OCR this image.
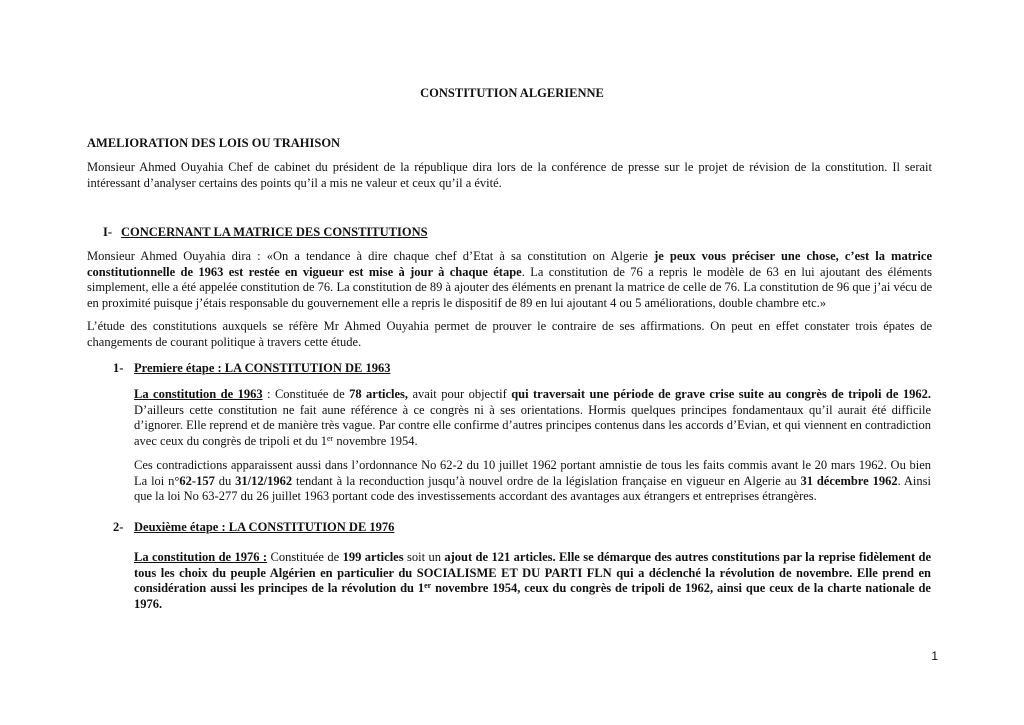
CONSTITUTION ALGERIENNE
AMELIORATION DES LOIS OU TRAHISON

Monsieur Ahmed Ouyahia Chef de cabinet du président de la république dira lors de la conférence de presse sur le projet de révision de la constitution. Il serait intéressant d’analyser certains des points qu’il a mis ne valeur et ceux qu’il a évité.

I- CONCERNANT LA MATRICE DES CONSTITUTIONS

Monsieur Ahmed Ouyahia dira : «On a tendance à dire chaque chef d’Etat à sa constitution on Algerie je peux vous préciser une chose, c’est la matrice constitutionnelle de 1963 est restée en vigueur est mise à jour à chaque étape. La constitution de 76 a repris le modèle de 63 en lui ajoutant des éléments simplement, elle a été appelée constitution de 76. La constitution de 89 à ajouter des éléments en prenant la matrice de celle de 76. La constitution de 96 que j’ai vécu de en proximité puisque j’étais responsable du gouvernement elle a repris le dispositif de 89 en lui ajoutant 4 ou 5 améliorations, double chambre etc.»

L’étude des constitutions auxquels se réfère Mr Ahmed Ouyahia permet de prouver le contraire de ses affirmations. On peut en effet constater trois épates de changements de courant politique à travers cette étude.

1- Premiere étape : LA CONSTITUTION DE 1963

La constitution de 1963 : Constituée de 78 articles, avait pour objectif qui traversait une période de grave crise suite au congrès de tripoli de 1962. D’ailleurs cette constitution ne fait aune référence à ce congrès ni à ses orientations. Hormis quelques principes fondamentaux qu’il aurait été difficile d’ignorer. Elle reprend et de manière très vague. Par contre elle confirme d’autres principes contenus dans les accords d’Evian, et qui viennent en contradiction avec ceux du congrès de tripoli et du 1er novembre 1954.

Ces contradictions apparaissent aussi dans l’ordonnance No 62-2 du 10 juillet 1962 portant amnistie de tous les faits commis avant le 20 mars 1962. Ou bien La loi n°62-157 du 31/12/1962 tendant à la reconduction jusqu’à nouvel ordre de la législation française en vigueur en Algerie au 31 décembre 1962. Ainsi que la loi No 63-277 du 26 juillet 1963 portant code des investissements accordant des avantages aux étrangers et entreprises étrangères.

2- Deuxième étape : LA CONSTITUTION DE 1976

La constitution de 1976 : Constituée de 199 articles soit un ajout de 121 articles. Elle se démarque des autres constitutions par la reprise fidèlement de tous les choix du peuple Algérien en particulier du SOCIALISME ET DU PARTI FLN qui a déclenché la révolution de novembre. Elle prend en considération aussi les principes de la révolution du 1er novembre 1954, ceux du congrès de tripoli de 1962, ainsi que ceux de la charte nationale de 1976.

1
